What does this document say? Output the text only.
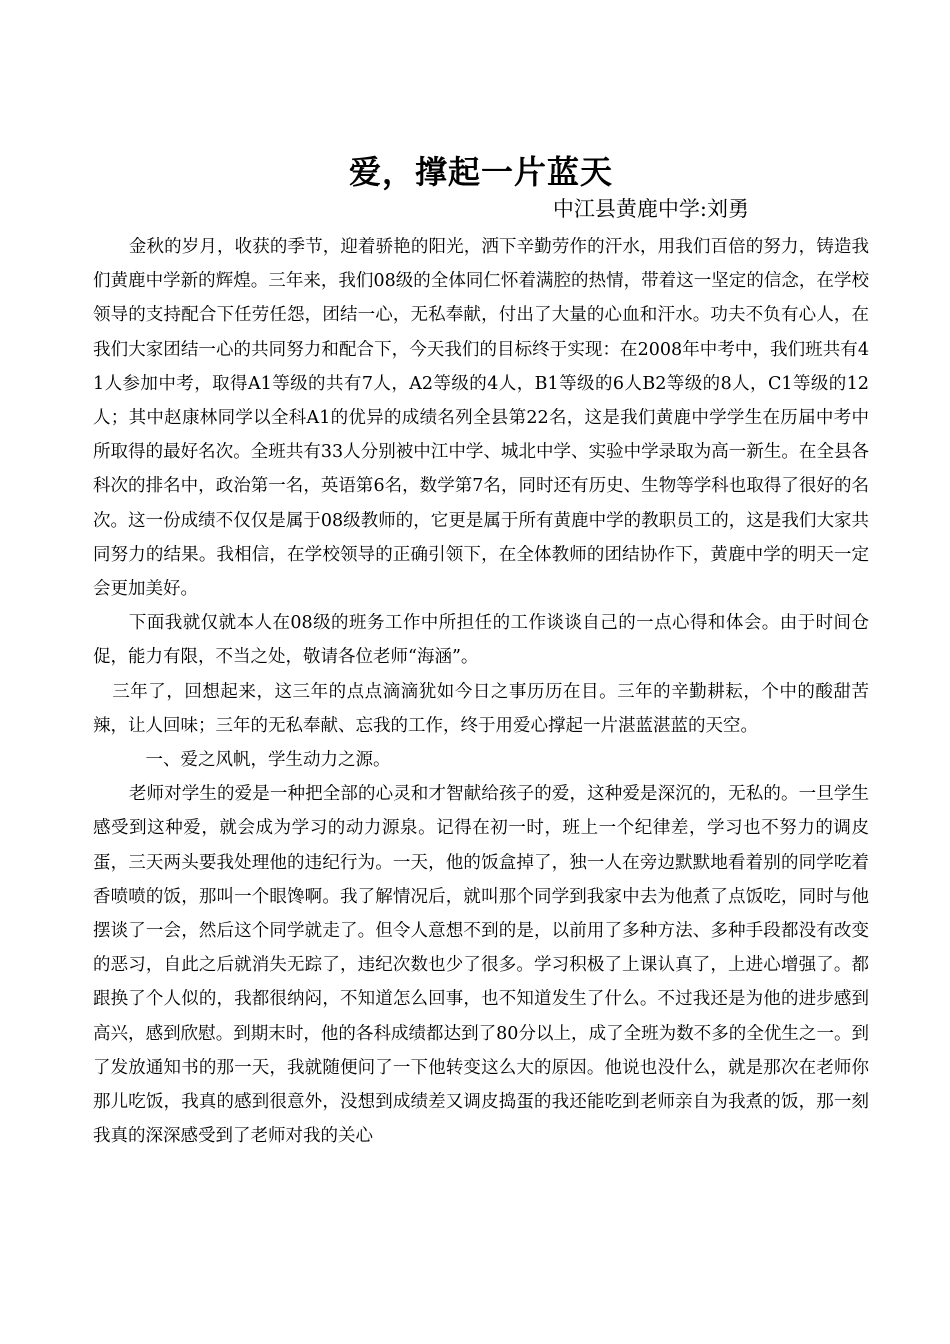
爱，撑起一片蓝天

中江县黄鹿中学:刘勇

金秋的岁月，收获的季节，迎着骄艳的阳光，洒下辛勤劳作的汗水，用我们百倍的努力，铸造我们黄鹿中学新的辉煌。三年来，我们08级的全体同仁怀着满腔的热情，带着这一坚定的信念，在学校领导的支持配合下任劳任怨，团结一心，无私奉献，付出了大量的心血和汗水。功夫不负有心人，在我们大家团结一心的共同努力和配合下，今天我们的目标终于实现：在2008年中考中，我们班共有41人参加中考，取得A1等级的共有7人，A2等级的4人，B1等级的6人B2等级的8人，C1等级的12人；其中赵康林同学以全科A1的优异的成绩名列全县第22名，这是我们黄鹿中学学生在历届中考中所取得的最好名次。全班共有33人分别被中江中学、城北中学、实验中学录取为高一新生。在全县各科次的排名中，政治第一名，英语第6名，数学第7名，同时还有历史、生物等学科也取得了很好的名次。这一份成绩不仅仅是属于08级教师的，它更是属于所有黄鹿中学的教职员工的，这是我们大家共同努力的结果。我相信，在学校领导的正确引领下，在全体教师的团结协作下，黄鹿中学的明天一定会更加美好。

下面我就仅就本人在08级的班务工作中所担任的工作谈谈自己的一点心得和体会。由于时间仓促，能力有限，不当之处，敬请各位老师“海涵”。

三年了，回想起来，这三年的点点滴滴犹如今日之事历历在目。三年的辛勤耕耘，个中的酸甜苦辣，让人回味；三年的无私奉献、忘我的工作，终于用爱心撑起一片湛蓝湛蓝的天空。

一、爱之风帆，学生动力之源。

老师对学生的爱是一种把全部的心灵和才智献给孩子的爱，这种爱是深沉的，无私的。一旦学生感受到这种爱，就会成为学习的动力源泉。记得在初一时，班上一个纪律差，学习也不努力的调皮蛋，三天两头要我处理他的违纪行为。一天，他的饭盒掉了，独一人在旁边默默地看着别的同学吃着香喷喷的饭，那叫一个眼馋啊。我了解情况后，就叫那个同学到我家中去为他煮了点饭吃，同时与他摆谈了一会，然后这个同学就走了。但令人意想不到的是，以前用了多种方法、多种手段都没有改变的恶习，自此之后就消失无踪了，违纪次数也少了很多。学习积极了上课认真了，上进心增强了。都跟换了个人似的，我都很纳闷，不知道怎么回事，也不知道发生了什么。不过我还是为他的进步感到高兴，感到欣慰。到期末时，他的各科成绩都达到了80分以上，成了全班为数不多的全优生之一。到了发放通知书的那一天，我就随便问了一下他转变这么大的原因。他说也没什么，就是那次在老师你那儿吃饭，我真的感到很意外，没想到成绩差又调皮捣蛋的我还能吃到老师亲自为我煮的饭，那一刻我真的深深感受到了老师对我的关心
